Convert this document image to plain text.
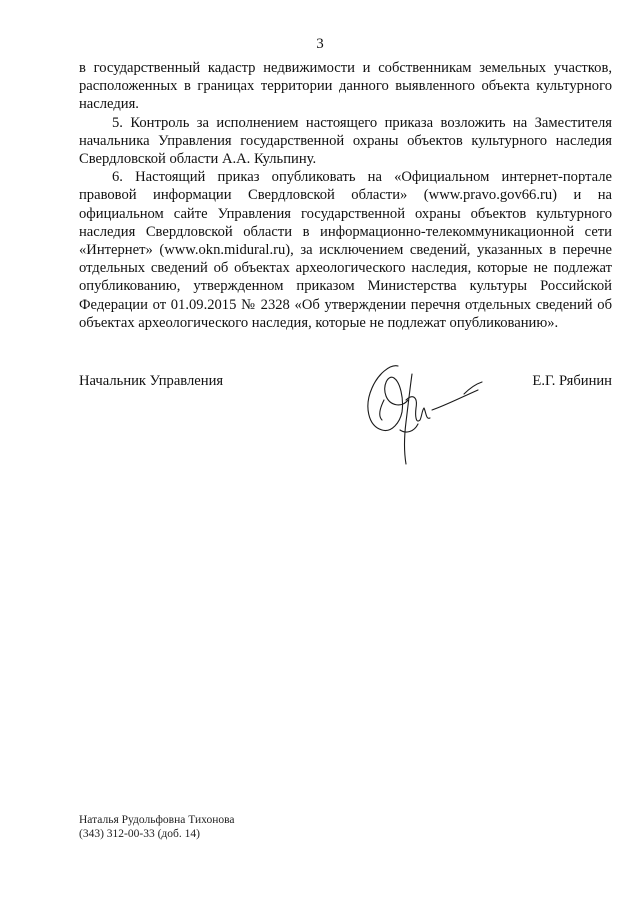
3

в государственный кадастр недвижимости и собственникам земельных участков, расположенных в границах территории данного выявленного объекта культурного наследия.

5. Контроль за исполнением настоящего приказа возложить на Заместителя начальника Управления государственной охраны объектов культурного наследия Свердловской области А.А. Кульпину.

6. Настоящий приказ опубликовать на «Официальном интернет-портале правовой информации Свердловской области» (www.pravo.gov66.ru) и на официальном сайте Управления государственной охраны объектов культурного наследия Свердловской области в информационно-телекоммуникационной сети «Интернет» (www.okn.midural.ru), за исключением сведений, указанных в перечне отдельных сведений об объектах археологического наследия, которые не подлежат опубликованию, утвержденном приказом Министерства культуры Российской Федерации от 01.09.2015 № 2328 «Об утверждении перечня отдельных сведений об объектах археологического наследия, которые не подлежат опубликованию».

Начальник Управления	Е.Г. Рябинин
Наталья Рудольфовна Тихонова
(343) 312-00-33 (доб. 14)
